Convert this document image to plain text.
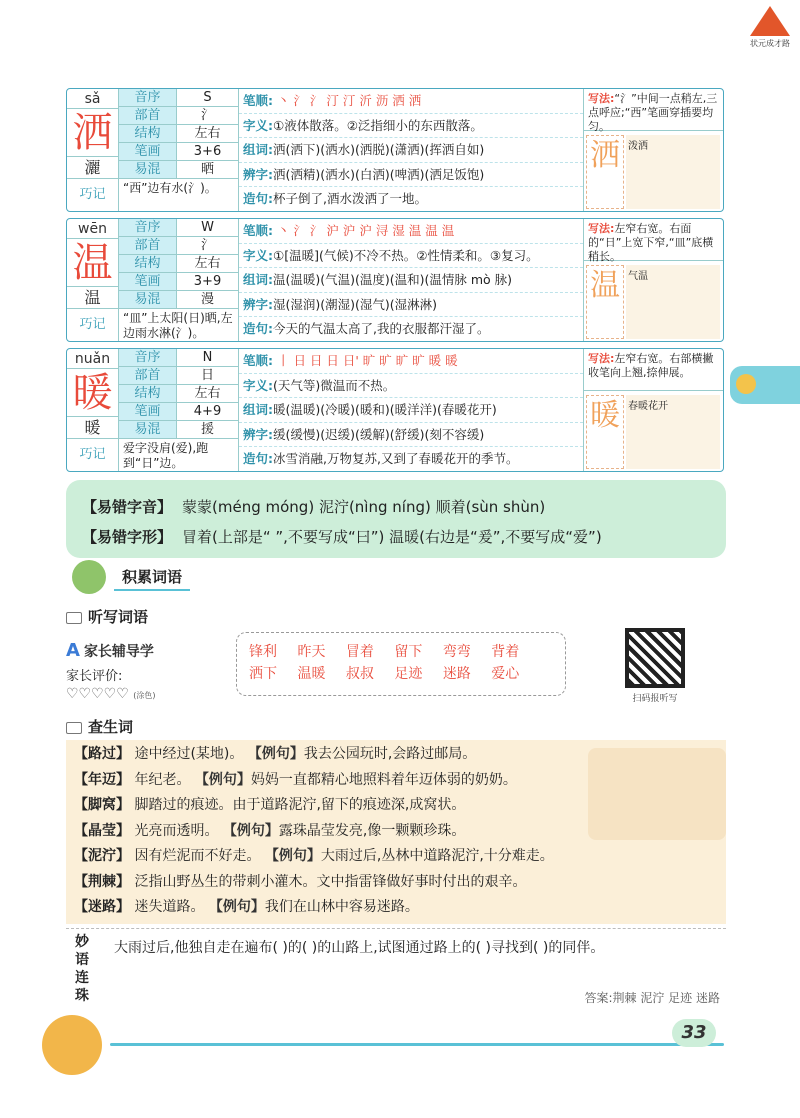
状元成才路
sǎ
洒
灑
巧记
音序	S
部首	氵
结构	左右
笔画	3+6
易混	晒
“西”边有水(氵)。
笔顺: 丶 氵 氵 汀 汀 沂 沥 洒 洒
字义:①液体散落。②泛指细小的东西散落。
组词:洒(洒下)(洒水)(洒脱)(潇洒)(挥洒自如)
辨字:洒(洒精)(洒水)(白洒)(啤洒)(洒足饭饱)
造句:杯子倒了,酒水泼洒了一地。
写法:“氵”中间一点稍左,三点呼应;“西”笔画穿插要均匀。
洒 泼洒
wēn
温
温
巧记
音序	W
部首	氵
结构	左右
笔画	3+9
易混	漫
“皿”上太阳(日)晒,左边雨水淋(氵)。
笔顺: 丶 氵 氵 沪 沪 沪 浔 湿 温 温 温
字义:①[温暖](气候)不冷不热。②性情柔和。③复习。
组词:温(温暖)(气温)(温度)(温和)(温情脉 mò 脉)
辨字:湿(湿润)(潮湿)(湿气)(湿淋淋)
造句:今天的气温太高了,我的衣服都汗湿了。
写法:左窄右宽。右面的“日”上宽下窄,“皿”底横稍长。
温 气温
nuǎn
暖
暖
巧记
音序	N
部首	日
结构	左右
笔画	4+9
易混	援
爱字没肩(爱),跑到“日”边。
笔顺: 丨 日 日 日 日' 旷 旷 旷 旷 暖 暖
字义:(天气等)微温而不热。
组词:暖(温暖)(冷暖)(暖和)(暖洋洋)(春暖花开)
辨字:缓(缓慢)(迟缓)(缓解)(舒缓)(刻不容缓)
造句:冰雪消融,万物复苏,又到了春暖花开的季节。
写法:左窄右宽。右部横撇收笔向上翘,捺伸展。
暖 春暖花开
【易错字音】 蒙蒙(méng móng) 泥泞(nìng níng) 顺着(sùn shùn)
【易错字形】 冒着(上部是“ ”,不要写成“曰”) 温暖(右边是“爰”,不要写成“爱”)
积累词语
听写词语
A 家长辅导学
家长评价:
♡♡♡♡♡ (涂色)
锋利 昨天 冒着 留下 弯弯 背着 洒下 温暖 叔叔 足迹 迷路 爱心
扫码报听写
查生词
【路过】 途中经过(某地)。 【例句】我去公园玩时,会路过邮局。
【年迈】 年纪老。 【例句】妈妈一直都精心地照料着年迈体弱的奶奶。
【脚窝】 脚踏过的痕迹。由于道路泥泞,留下的痕迹深,成窝状。
【晶莹】 光亮而透明。 【例句】露珠晶莹发亮,像一颗颗珍珠。
【泥泞】 因有烂泥而不好走。 【例句】大雨过后,丛林中道路泥泞,十分难走。
【荆棘】 泛指山野丛生的带刺小灌木。文中指雷锋做好事时付出的艰辛。
【迷路】 迷失道路。 【例句】我们在山林中容易迷路。
妙语连珠
大雨过后,他独自走在遍布( )的( )的山路上,试图通过路上的( )寻找到( )的同伴。
答案:荆棘 泥泞 足迹 迷路
33
